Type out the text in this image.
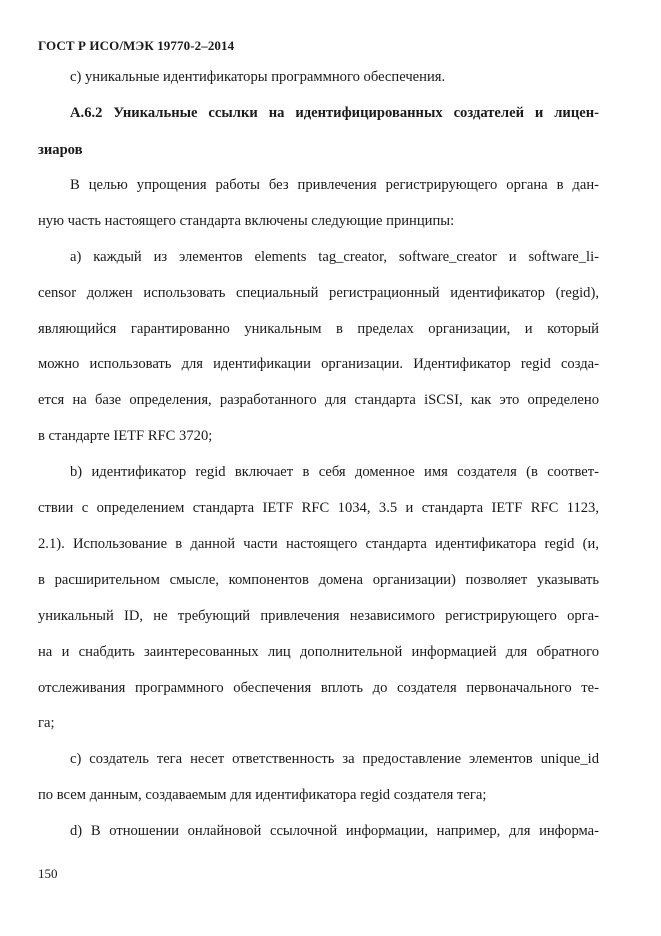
ГОСТ Р ИСО/МЭК 19770-2–2014
c) уникальные идентификаторы программного обеспечения.
А.6.2 Уникальные ссылки на идентифицированных создателей и лицен-
зиаров
В целью упрощения работы без привлечения регистрирующего органа в дан-
ную часть настоящего стандарта включены следующие принципы:
a) каждый из элементов elements tag_creator, software_creator и software_li-
censor должен использовать специальный регистрационный идентификатор (regid),
являющийся гарантированно уникальным в пределах организации, и который
можно использовать для идентификации организации. Идентификатор regid созда-
ется на базе определения, разработанного для стандарта iSCSI, как это определено
в стандарте IETF RFC 3720;
b) идентификатор regid включает в себя доменное имя создателя (в соответ-
ствии с определением стандарта IETF RFC 1034, 3.5 и стандарта IETF RFC 1123,
2.1). Использование в данной части настоящего стандарта идентификатора regid (и,
в расширительном смысле, компонентов домена организации) позволяет указывать
уникальный ID, не требующий привлечения независимого регистрирующего орга-
на и снабдить заинтересованных лиц дополнительной информацией для обратного
отслеживания программного обеспечения вплоть до создателя первоначального те-
га;
c) создатель тега несет ответственность за предоставление элементов unique_id
по всем данным, создаваемым для идентификатора regid создателя тега;
d) В отношении онлайновой ссылочной информации, например, для информа-
150
